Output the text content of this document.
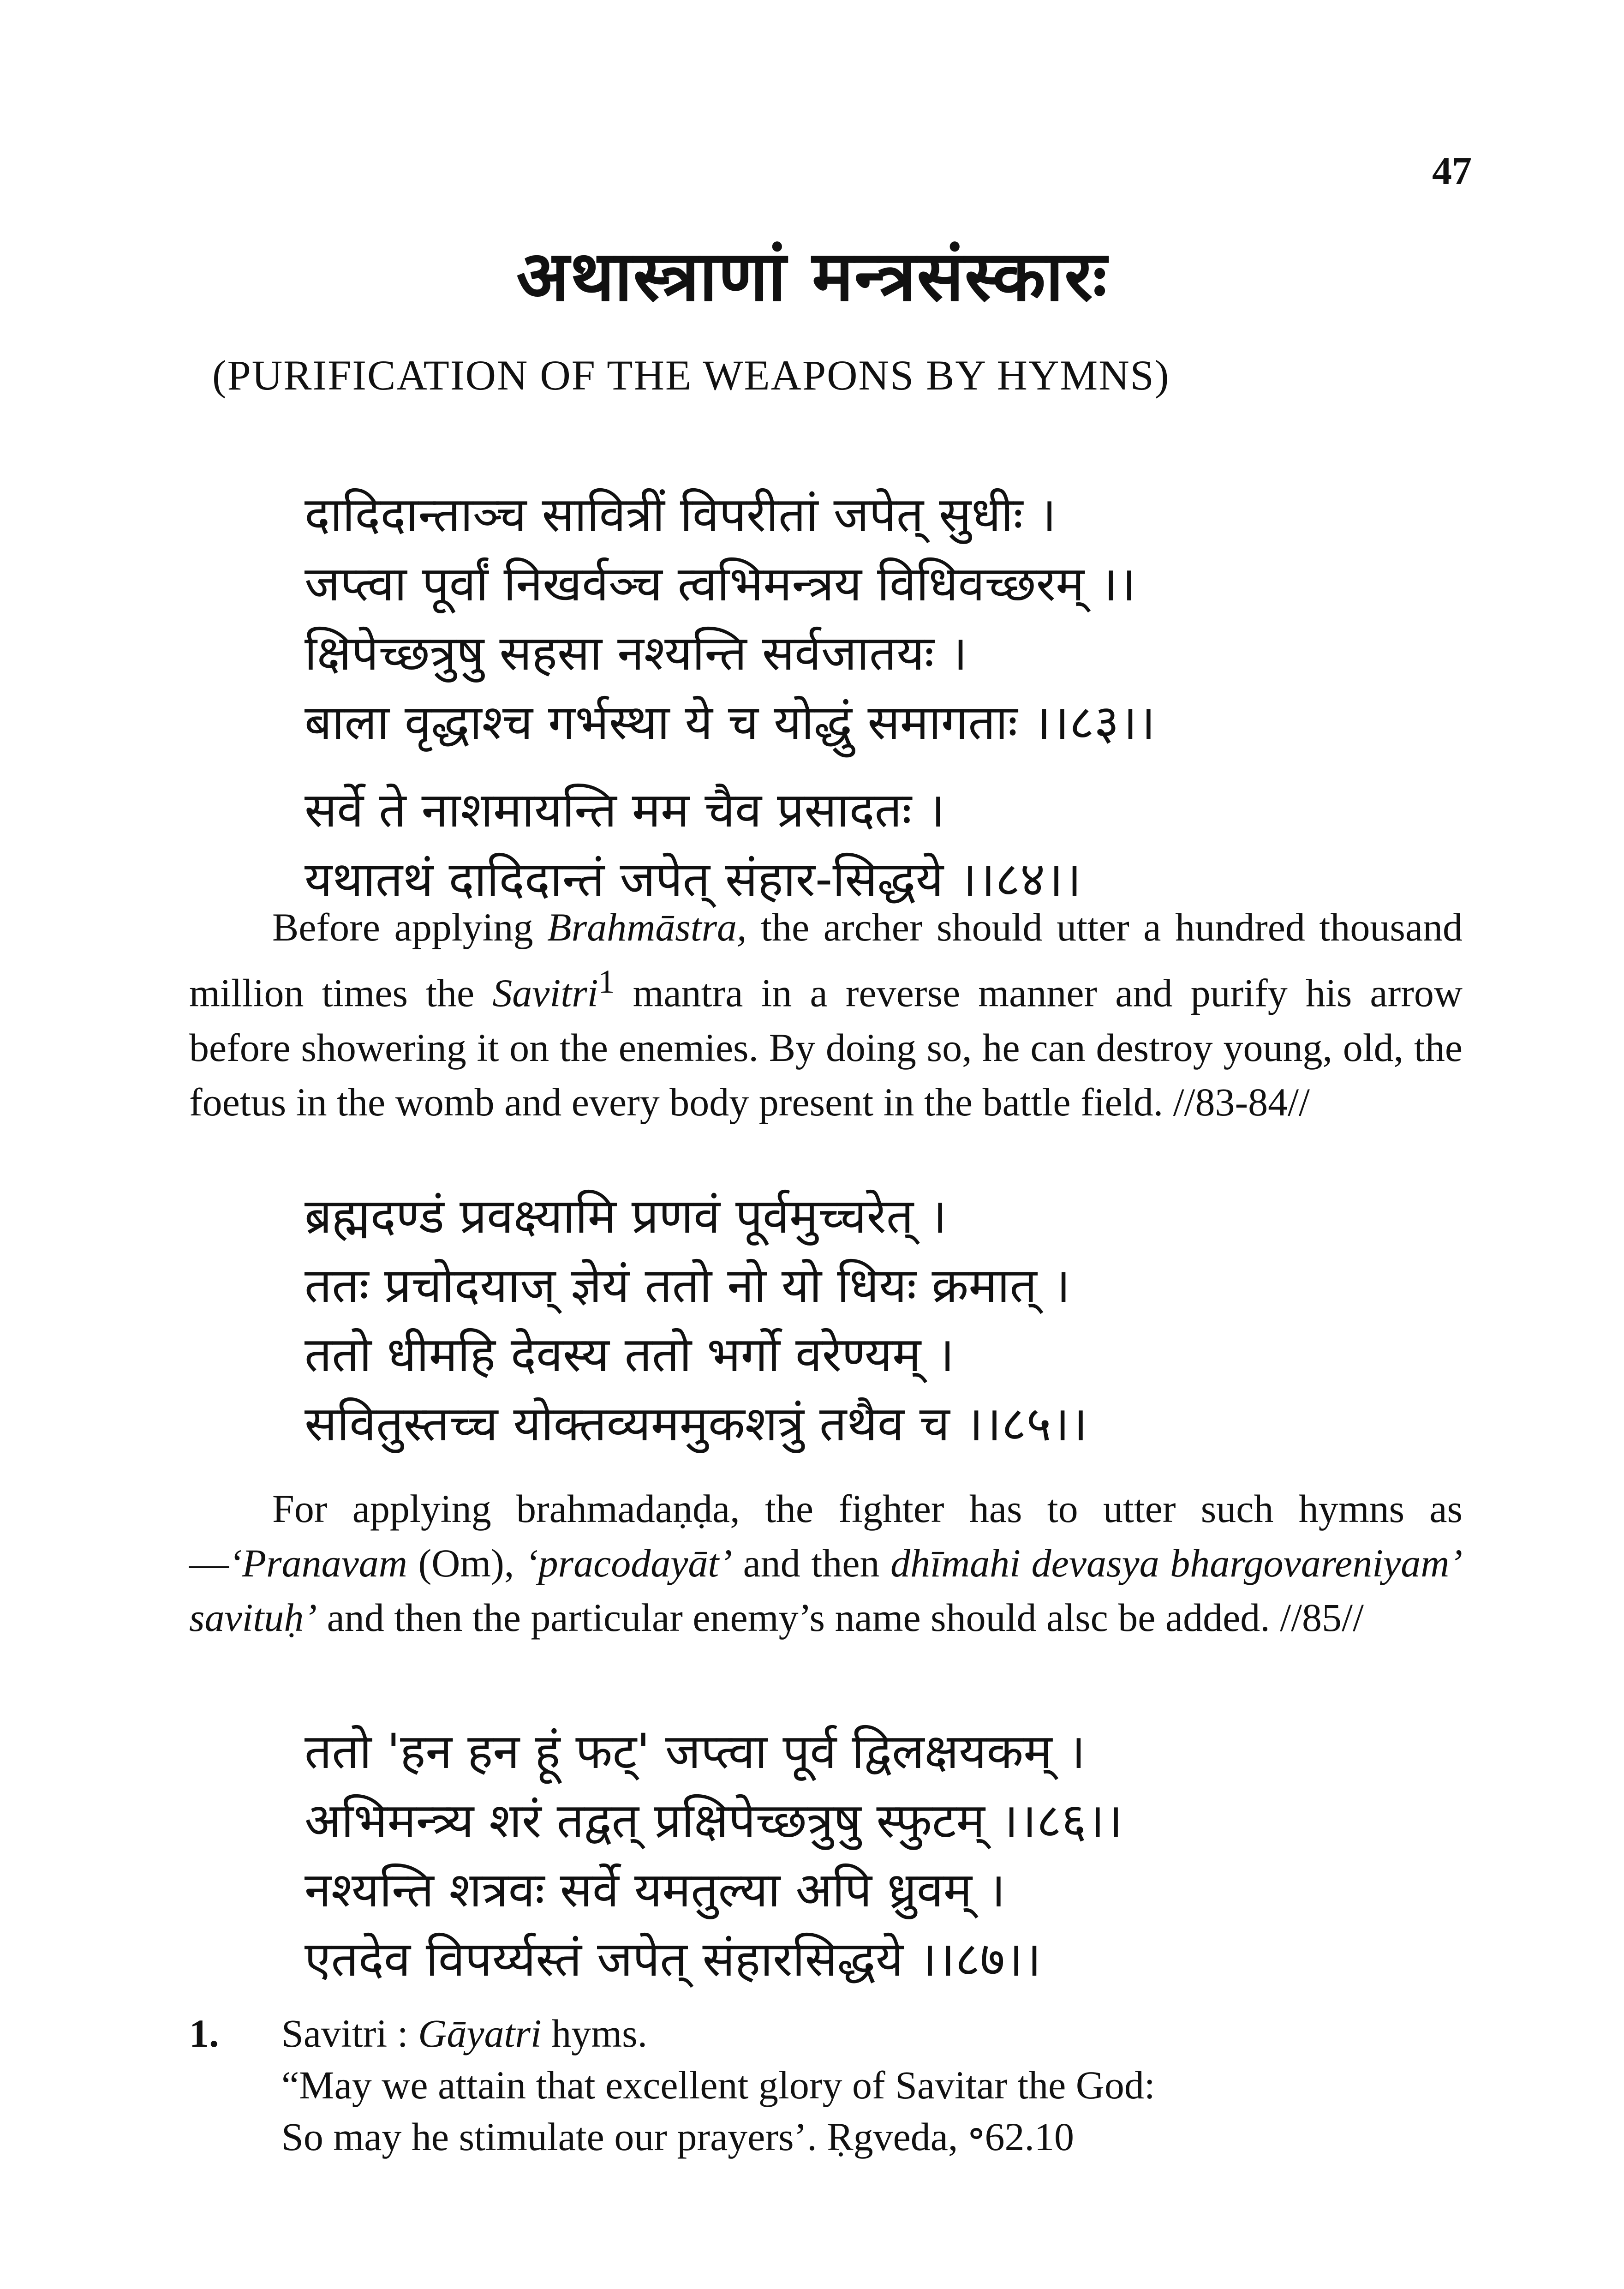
47
अथास्त्राणां मन्त्रसंस्कारः
(PURIFICATION OF THE WEAPONS BY HYMNS)
दादिदान्ताञ्च सावित्रीं विपरीतां जपेत् सुधीः ।
जप्त्वा पूर्वां निखर्वञ्च त्वभिमन्त्रय विधिवच्छरम् ।।
क्षिपेच्छत्रुषु सहसा नश्यन्ति सर्वजातयः ।
बाला वृद्धाश्च गर्भस्था ये च योद्धुं समागताः ।।८३।।
सर्वे ते नाशमायन्ति मम चैव प्रसादतः ।
यथातथं दादिदान्तं जपेत् संहार-सिद्धये ।।८४।।
Before applying Brahmāstra, the archer should utter a hundred thousand million times the Savitri$^1$ mantra in a reverse manner and purify his arrow before showering it on the enemies. By doing so, he can destroy young, old, the foetus in the womb and every body present in the battle field. //83-84//
ब्रह्मदण्डं प्रवक्ष्यामि प्रणवं पूर्वमुच्चरेत् ।
ततः प्रचोदयाज् ज्ञेयं ततो नो यो धियः क्रमात् ।
ततो धीमहि देवस्य ततो भर्गो वरेण्यम् ।
सवितुस्तच्च योक्तव्यममुकशत्रुं तथैव च ।।८५।।
For applying brahmadaṇḍa, the fighter has to utter such hymns as—‘Pranavam (Om), ‘pracodayāt’ and then dhīmahi devasya bhargovareniyam’ savituḥ’ and then the particular enemy’s name should alsc be added. //85//
ततो 'हन हन हूं फट्' जप्त्वा पूर्व द्विलक्षयकम् ।
अभिमन्त्र्य शरं तद्वत् प्रक्षिपेच्छत्रुषु स्फुटम् ।।८६।।
नश्यन्ति शत्रवः सर्वे यमतुल्या अपि ध्रुवम् ।
एतदेव विपर्य्यस्तं जपेत् संहारसिद्धये ।।८७।।
1. Savitri : Gāyatri hyms.
“May we attain that excellent glory of Savitar the God:
So may he stimulate our prayers’. Ṛgveda, ॰62.10
